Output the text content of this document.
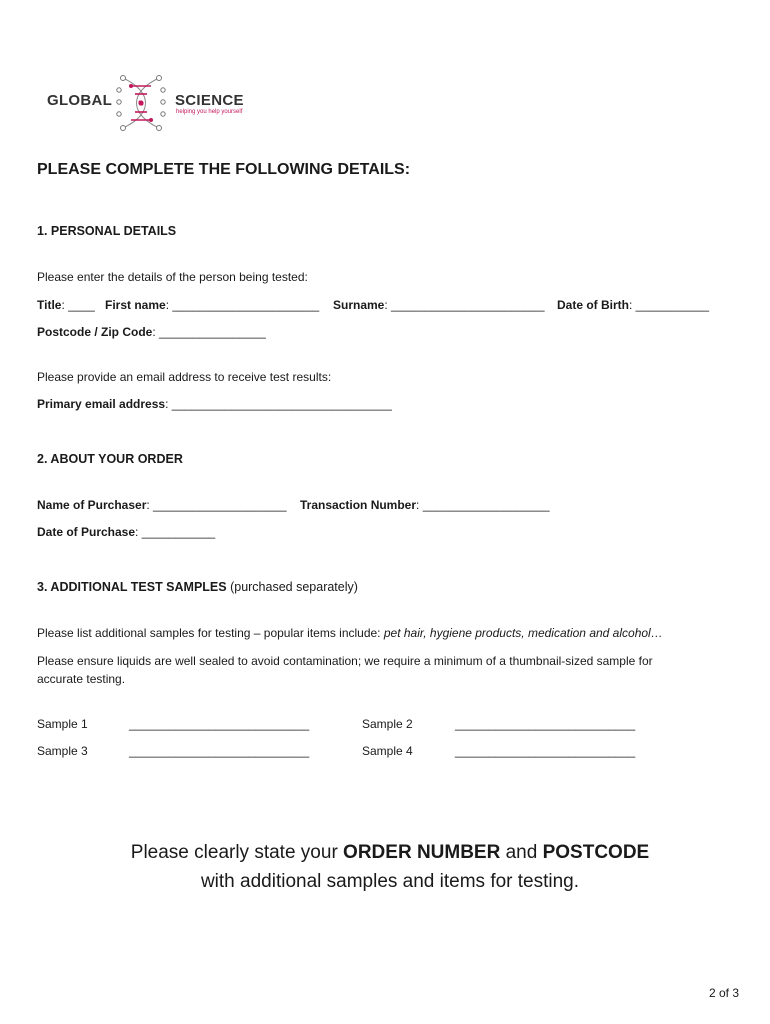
GLOBAL	SCIENCE
helping you help yourself
PLEASE COMPLETE THE FOLLOWING DETAILS:
1. PERSONAL DETAILS
Please enter the details of the person being tested:
Title: ____ First name: ______________________ Surname: _______________________ Date of Birth: ___________
Postcode / Zip Code: ________________
Please provide an email address to receive test results:
Primary email address: _________________________________
2. ABOUT YOUR ORDER
Name of Purchaser: ____________________ Transaction Number: ___________________
Date of Purchase: ___________
3. ADDITIONAL TEST SAMPLES (purchased separately)
Please list additional samples for testing – popular items include: pet hair, hygiene products, medication and alcohol…
Please ensure liquids are well sealed to avoid contamination; we require a minimum of a thumbnail-sized sample for
accurate testing.
Sample 1	___________________________	Sample 2	___________________________
Sample 3	___________________________	Sample 4	___________________________
Please clearly state your ORDER NUMBER and POSTCODE with additional samples and items for testing.
2 of 3
